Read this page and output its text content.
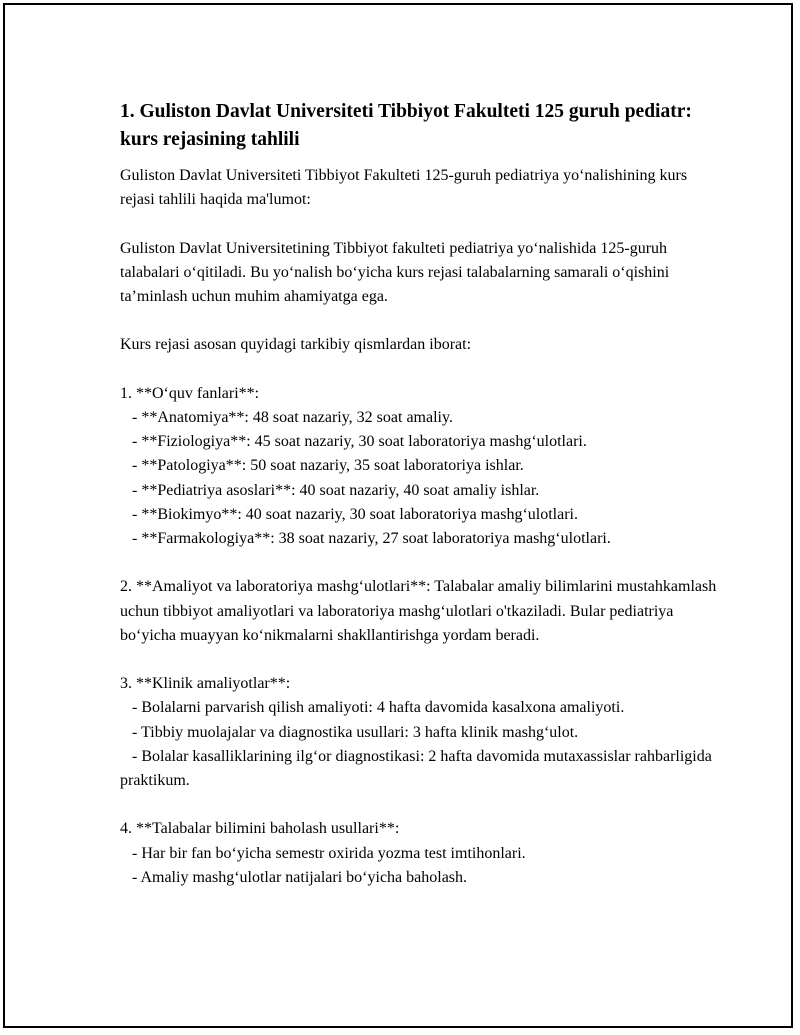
1. Guliston Davlat Universiteti Tibbiyot Fakulteti 125 guruh pediatr: kurs rejasining tahlili

Guliston Davlat Universiteti Tibbiyot Fakulteti 125-guruh pediatriya yo‘nalishining kurs rejasi tahlili haqida ma'lumot:

Guliston Davlat Universitetining Tibbiyot fakulteti pediatriya yo‘nalishida 125-guruh talabalari o‘qitiladi. Bu yo‘nalish bo‘yicha kurs rejasi talabalarning samarali o‘qishini ta’minlash uchun muhim ahamiyatga ega.

Kurs rejasi asosan quyidagi tarkibiy qismlardan iborat:

1. **O‘quv fanlari**:
- **Anatomiya**: 48 soat nazariy, 32 soat amaliy.
- **Fiziologiya**: 45 soat nazariy, 30 soat laboratoriya mashg‘ulotlari.
- **Patologiya**: 50 soat nazariy, 35 soat laboratoriya ishlar.
- **Pediatriya asoslari**: 40 soat nazariy, 40 soat amaliy ishlar.
- **Biokimyo**: 40 soat nazariy, 30 soat laboratoriya mashg‘ulotlari.
- **Farmakologiya**: 38 soat nazariy, 27 soat laboratoriya mashg‘ulotlari.

2. **Amaliyot va laboratoriya mashg‘ulotlari**: Talabalar amaliy bilimlarini mustahkamlash uchun tibbiyot amaliyotlari va laboratoriya mashg‘ulotlari o'tkaziladi. Bular pediatriya bo‘yicha muayyan ko‘nikmalarni shakllantirishga yordam beradi.

3. **Klinik amaliyotlar**:
- Bolalarni parvarish qilish amaliyoti: 4 hafta davomida kasalxona amaliyoti.
- Tibbiy muolajalar va diagnostika usullari: 3 hafta klinik mashg‘ulot.
- Bolalar kasalliklarining ilg‘or diagnostikasi: 2 hafta davomida mutaxassislar rahbarligida praktikum.

4. **Talabalar bilimini baholash usullari**:
- Har bir fan bo‘yicha semestr oxirida yozma test imtihonlari.
- Amaliy mashg‘ulotlar natijalari bo‘yicha baholash.
